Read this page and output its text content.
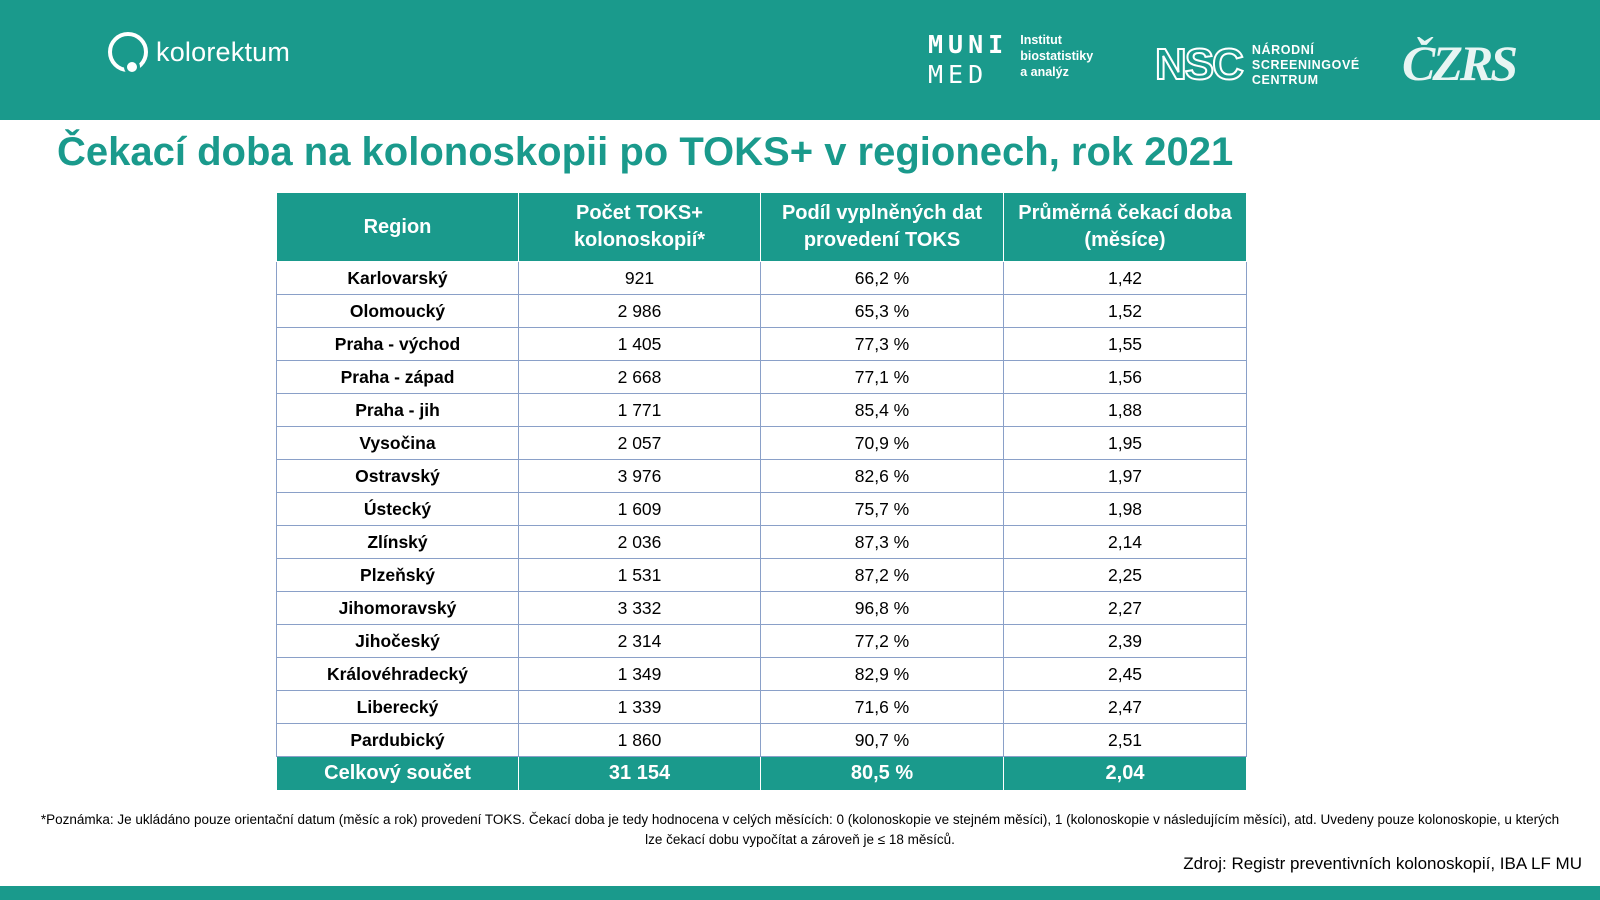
kolorektum	MUNI
MED
Institut
biostatistiky
a analýz	NSC NÁRODNÍ
SCREENINGOVÉ
CENTRUM	ČZRS
Čekací doba na kolonoskopii po TOKS+ v regionech, rok 2021
Region	Počet TOKS+ kolonoskopií*	Podíl vyplněných dat provedení TOKS	Průměrná čekací doba (měsíce)
Karlovarský	921	66,2 %	1,42
Olomoucký	2 986	65,3 %	1,52
Praha - východ	1 405	77,3 %	1,55
Praha - západ	2 668	77,1 %	1,56
Praha - jih	1 771	85,4 %	1,88
Vysočina	2 057	70,9 %	1,95
Ostravský	3 976	82,6 %	1,97
Ústecký	1 609	75,7 %	1,98
Zlínský	2 036	87,3 %	2,14
Plzeňský	1 531	87,2 %	2,25
Jihomoravský	3 332	96,8 %	2,27
Jihočeský	2 314	77,2 %	2,39
Královéhradecký	1 349	82,9 %	2,45
Liberecký	1 339	71,6 %	2,47
Pardubický	1 860	90,7 %	2,51
Celkový součet	31 154	80,5 %	2,04
*Poznámka: Je ukládáno pouze orientační datum (měsíc a rok) provedení TOKS. Čekací doba je tedy hodnocena v celých měsících: 0 (kolonoskopie ve stejném měsíci), 1 (kolonoskopie v následujícím měsíci), atd. Uvedeny pouze kolonoskopie, u kterých lze čekací dobu vypočítat a zároveň je ≤ 18 měsíců.
Zdroj: Registr preventivních kolonoskopií, IBA LF MU
